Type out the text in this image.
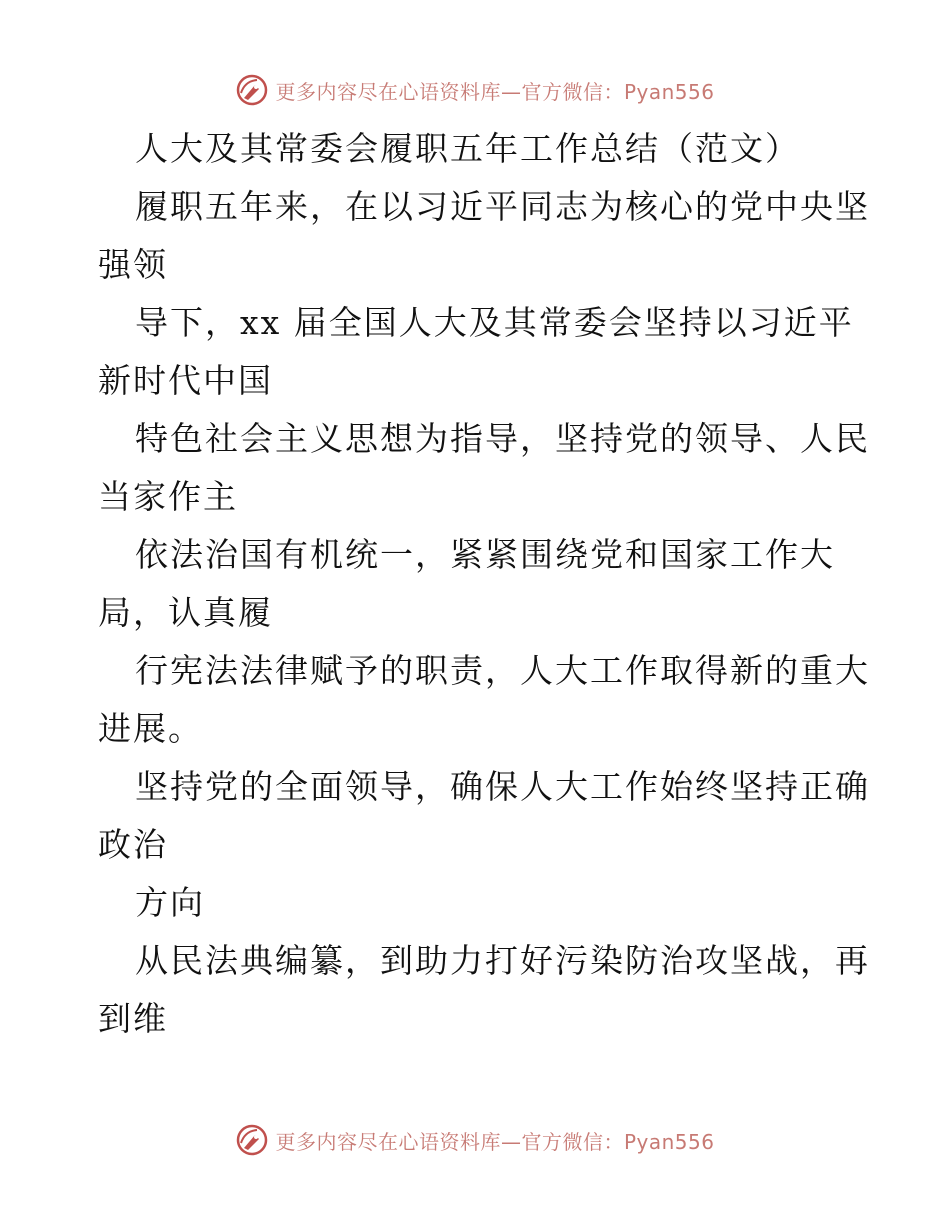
更多内容尽在心语资料库—官方微信：Pyan556
人大及其常委会履职五年工作总结（范文）
履职五年来，在以习近平同志为核心的党中央坚
强领
导下，xx 届全国人大及其常委会坚持以习近平
新时代中国
特色社会主义思想为指导，坚持党的领导、人民
当家作主
依法治国有机统一，紧紧围绕党和国家工作大
局，认真履
行宪法法律赋予的职责，人大工作取得新的重大
进展。
坚持党的全面领导，确保人大工作始终坚持正确
政治
方向
从民法典编纂，到助力打好污染防治攻坚战，再
到维
更多内容尽在心语资料库—官方微信：Pyan556
